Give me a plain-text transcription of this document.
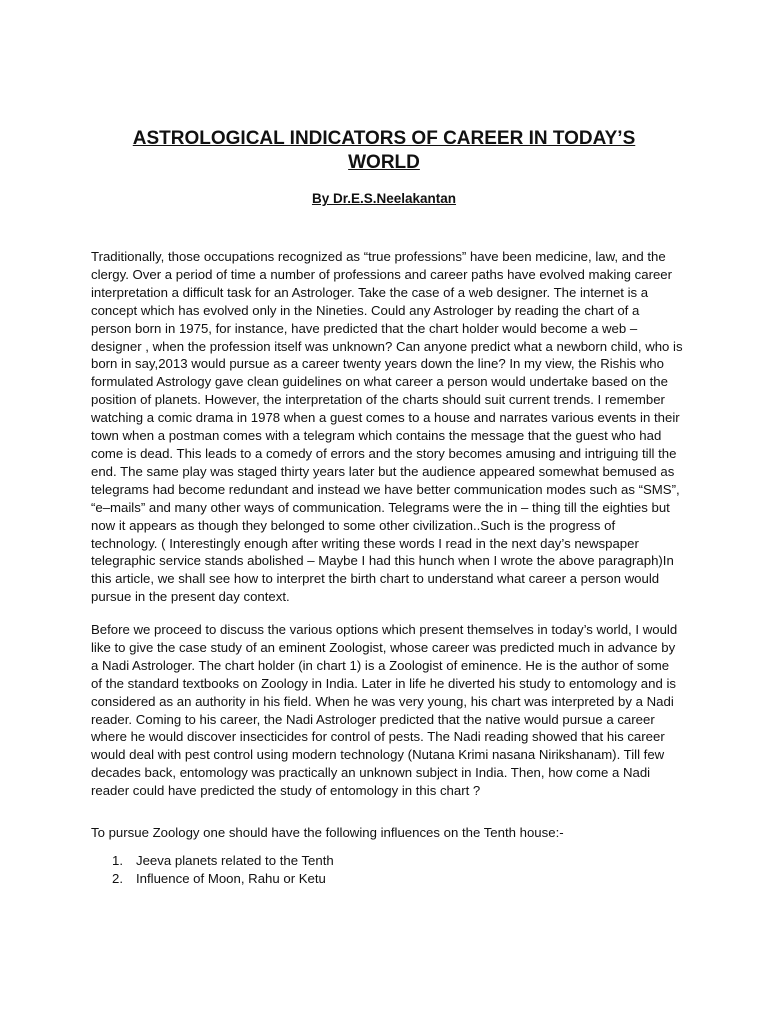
ASTROLOGICAL INDICATORS OF CAREER IN TODAY’S
WORLD

By Dr.E.S.Neelakantan

Traditionally, those occupations recognized as “true professions” have been medicine, law, and the clergy. Over a period of time a number of professions and career paths have evolved making career interpretation a difficult task for an Astrologer. Take the case of a web designer. The internet is a concept which has evolved only in the Nineties. Could any Astrologer by reading the chart of a person born in 1975, for instance, have predicted that the chart holder would become a web – designer , when the profession itself was unknown? Can anyone predict what a newborn child, who is born in say,2013 would pursue as a career twenty years down the line? In my view, the Rishis who formulated Astrology gave clean guidelines on what career a person would undertake based on the position of planets. However, the interpretation of the charts should suit current trends. I remember watching a comic drama in 1978 when a guest comes to a house and narrates various events in their town when a postman comes with a telegram which contains the message that the guest who had come is dead. This leads to a comedy of errors and the story becomes amusing and intriguing till the end. The same play was staged thirty years later but the audience appeared somewhat bemused as telegrams had become redundant and instead we have better communication modes such as “SMS”, “e–mails” and many other ways of communication. Telegrams were the in – thing till the eighties but now it appears as though they belonged to some other civilization..Such is the progress of technology. ( Interestingly enough after writing these words I read in the next day’s newspaper telegraphic service stands abolished – Maybe I had this hunch when I wrote the above paragraph)In this article, we shall see how to interpret the birth chart to understand what career a person would pursue in the present day context.

Before we proceed to discuss the various options which present themselves in today’s world, I would like to give the case study of an eminent Zoologist, whose career was predicted much in advance by a Nadi Astrologer. The chart holder (in chart 1) is a Zoologist of eminence. He is the author of some of the standard textbooks on Zoology in India. Later in life he diverted his study to entomology and is considered as an authority in his field. When he was very young, his chart was interpreted by a Nadi reader. Coming to his career, the Nadi Astrologer predicted that the native would pursue a career where he would discover insecticides for control of pests. The Nadi reading showed that his career would deal with pest control using modern technology (Nutana Krimi nasana Nirikshanam). Till few decades back, entomology was practically an unknown subject in India. Then, how come a Nadi reader could have predicted the study of entomology in this chart ?

To pursue Zoology one should have the following influences on the Tenth house:-

1. Jeeva planets related to the Tenth
2. Influence of Moon, Rahu or Ketu
